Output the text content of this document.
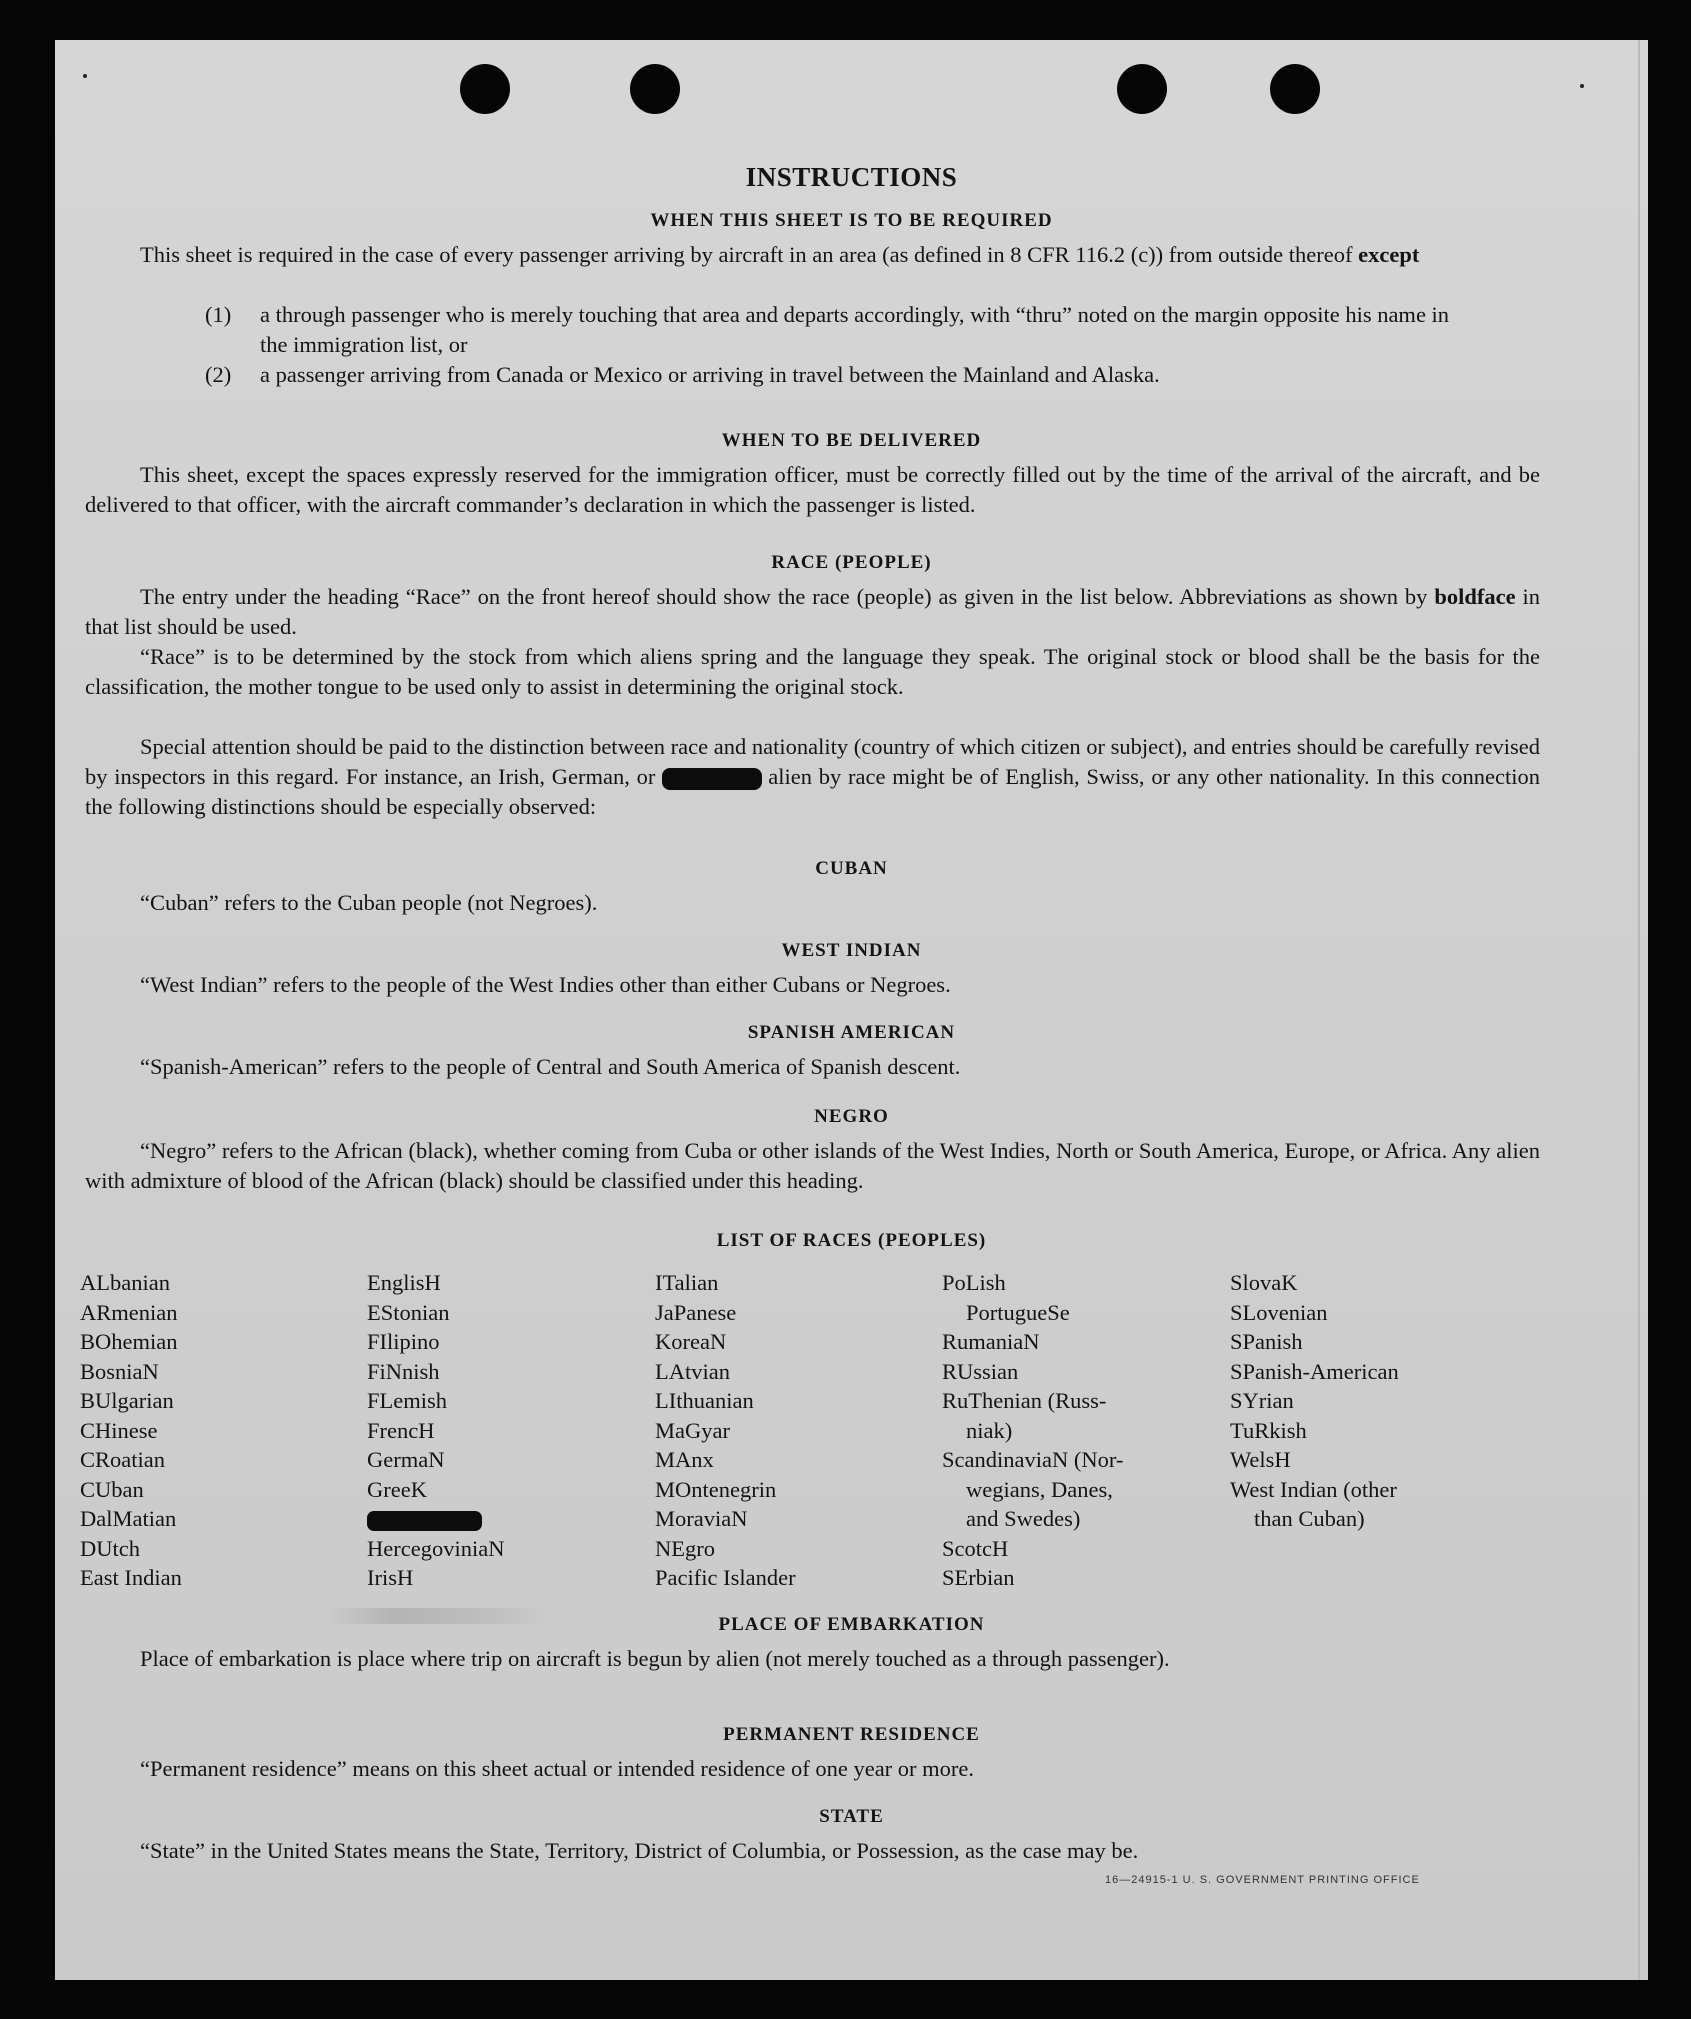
INSTRUCTIONS
WHEN THIS SHEET IS TO BE REQUIRED
This sheet is required in the case of every passenger arriving by aircraft in an area (as defined in 8 CFR 116.2 (c)) from outside thereof except
(1)	a through passenger who is merely touching that area and departs accordingly, with “thru” noted on the margin opposite his name in the immigration list, or
(2)	a passenger arriving from Canada or Mexico or arriving in travel between the Mainland and Alaska.
WHEN TO BE DELIVERED
This sheet, except the spaces expressly reserved for the immigration officer, must be correctly filled out by the time of the arrival of the aircraft, and be delivered to that officer, with the aircraft commander’s declaration in which the passenger is listed.
RACE (PEOPLE)
The entry under the heading “Race” on the front hereof should show the race (people) as given in the list below. Abbreviations as shown by boldface in that list should be used.
“Race” is to be determined by the stock from which aliens spring and the language they speak. The original stock or blood shall be the basis for the classification, the mother tongue to be used only to assist in determining the original stock.
Special attention should be paid to the distinction between race and nationality (country of which citizen or subject), and entries should be carefully revised by inspectors in this regard. For instance, an Irish, German, or	alien by race might be of English, Swiss, or any other nationality. In this connection the following distinctions should be especially observed:
CUBAN
“Cuban” refers to the Cuban people (not Negroes).
WEST INDIAN
“West Indian” refers to the people of the West Indies other than either Cubans or Negroes.
SPANISH AMERICAN
“Spanish-American” refers to the people of Central and South America of Spanish descent.
NEGRO
“Negro” refers to the African (black), whether coming from Cuba or other islands of the West Indies, North or South America, Europe, or Africa. Any alien with admixture of blood of the African (black) should be classified under this heading.
LIST OF RACES (PEOPLES)
ALbanian
ARmenian
BOhemian
BosniaN
BUlgarian
CHinese
CRoatian
CUban
DalMatian
DUtch
East Indian
EnglisH
EStonian
FIlipino
FiNnish
FLemish
FrencH
GermaN
GreeK
HercegoviniaN
IrisH
ITalian
JaPanese
KoreaN
LAtvian
LIthuanian
MaGyar
MAnx
MOntenegrin
MoraviaN
NEgro
Pacific Islander
PoLish
PortugueSe
RumaniaN
RUssian
RuThenian (Russ-
niak)
ScandinaviaN (Nor-
wegians, Danes,
and Swedes)
ScotcH
SErbian
SlovaK
SLovenian
SPanish
SPanish-American
SYrian
TuRkish
WelsH
West Indian (other
than Cuban)
PLACE OF EMBARKATION
Place of embarkation is place where trip on aircraft is begun by alien (not merely touched as a through passenger).
PERMANENT RESIDENCE
“Permanent residence” means on this sheet actual or intended residence of one year or more.
STATE
“State” in the United States means the State, Territory, District of Columbia, or Possession, as the case may be.
16—24915-1 U. S. GOVERNMENT PRINTING OFFICE
